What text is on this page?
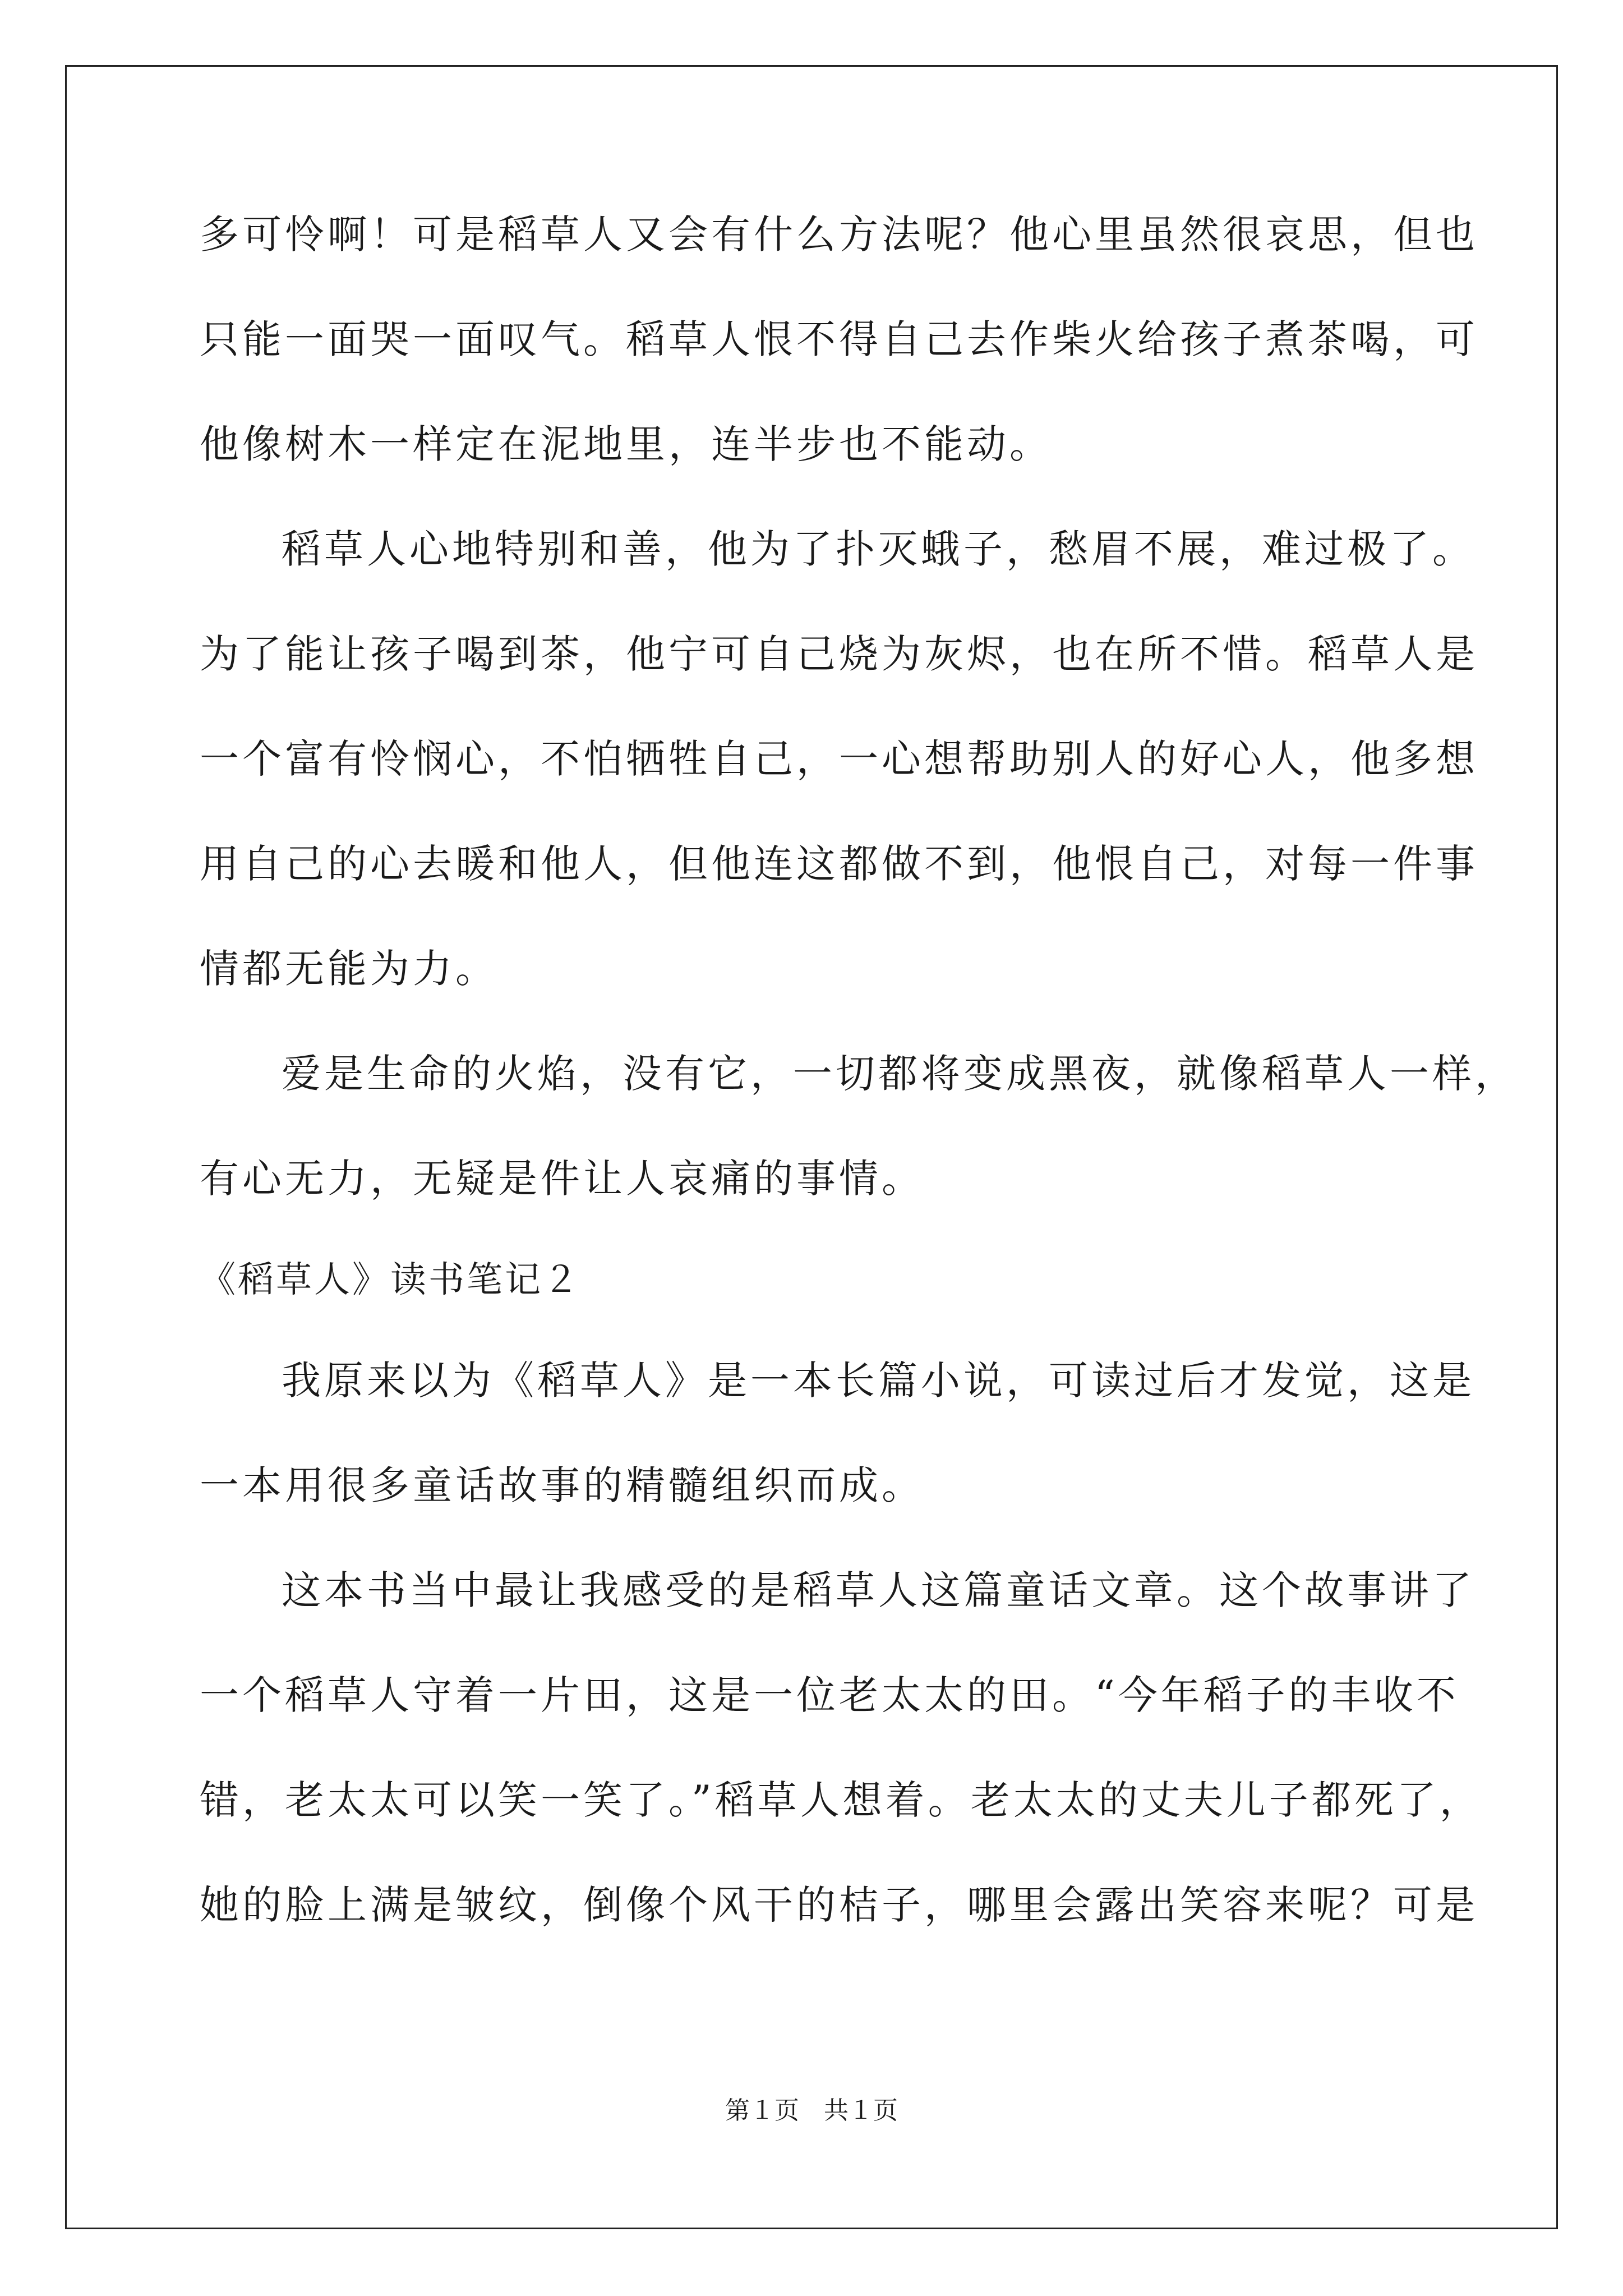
多可怜啊！可是稻草人又会有什么方法呢？他心里虽然很哀思，但也
只能一面哭一面叹气。稻草人恨不得自己去作柴火给孩子煮茶喝，可
他像树木一样定在泥地里，连半步也不能动。
稻草人心地特别和善，他为了扑灭蛾子，愁眉不展，难过极了。
为了能让孩子喝到茶，他宁可自己烧为灰烬，也在所不惜。稻草人是
一个富有怜悯心，不怕牺牲自己，一心想帮助别人的好心人，他多想
用自己的心去暖和他人，但他连这都做不到，他恨自己，对每一件事
情都无能为力。
爱是生命的火焰，没有它，一切都将变成黑夜，就像稻草人一样，
有心无力，无疑是件让人哀痛的事情。
《稻草人》读书笔记２
我原来以为《稻草人》是一本长篇小说，可读过后才发觉，这是
一本用很多童话故事的精髓组织而成。
这本书当中最让我感受的是稻草人这篇童话文章。这个故事讲了
一个稻草人守着一片田，这是一位老太太的田。“今年稻子的丰收不
错，老太太可以笑一笑了。”稻草人想着。老太太的丈夫儿子都死了，
她的脸上满是皱纹，倒像个风干的桔子，哪里会露出笑容来呢？可是
第１页　共１页
